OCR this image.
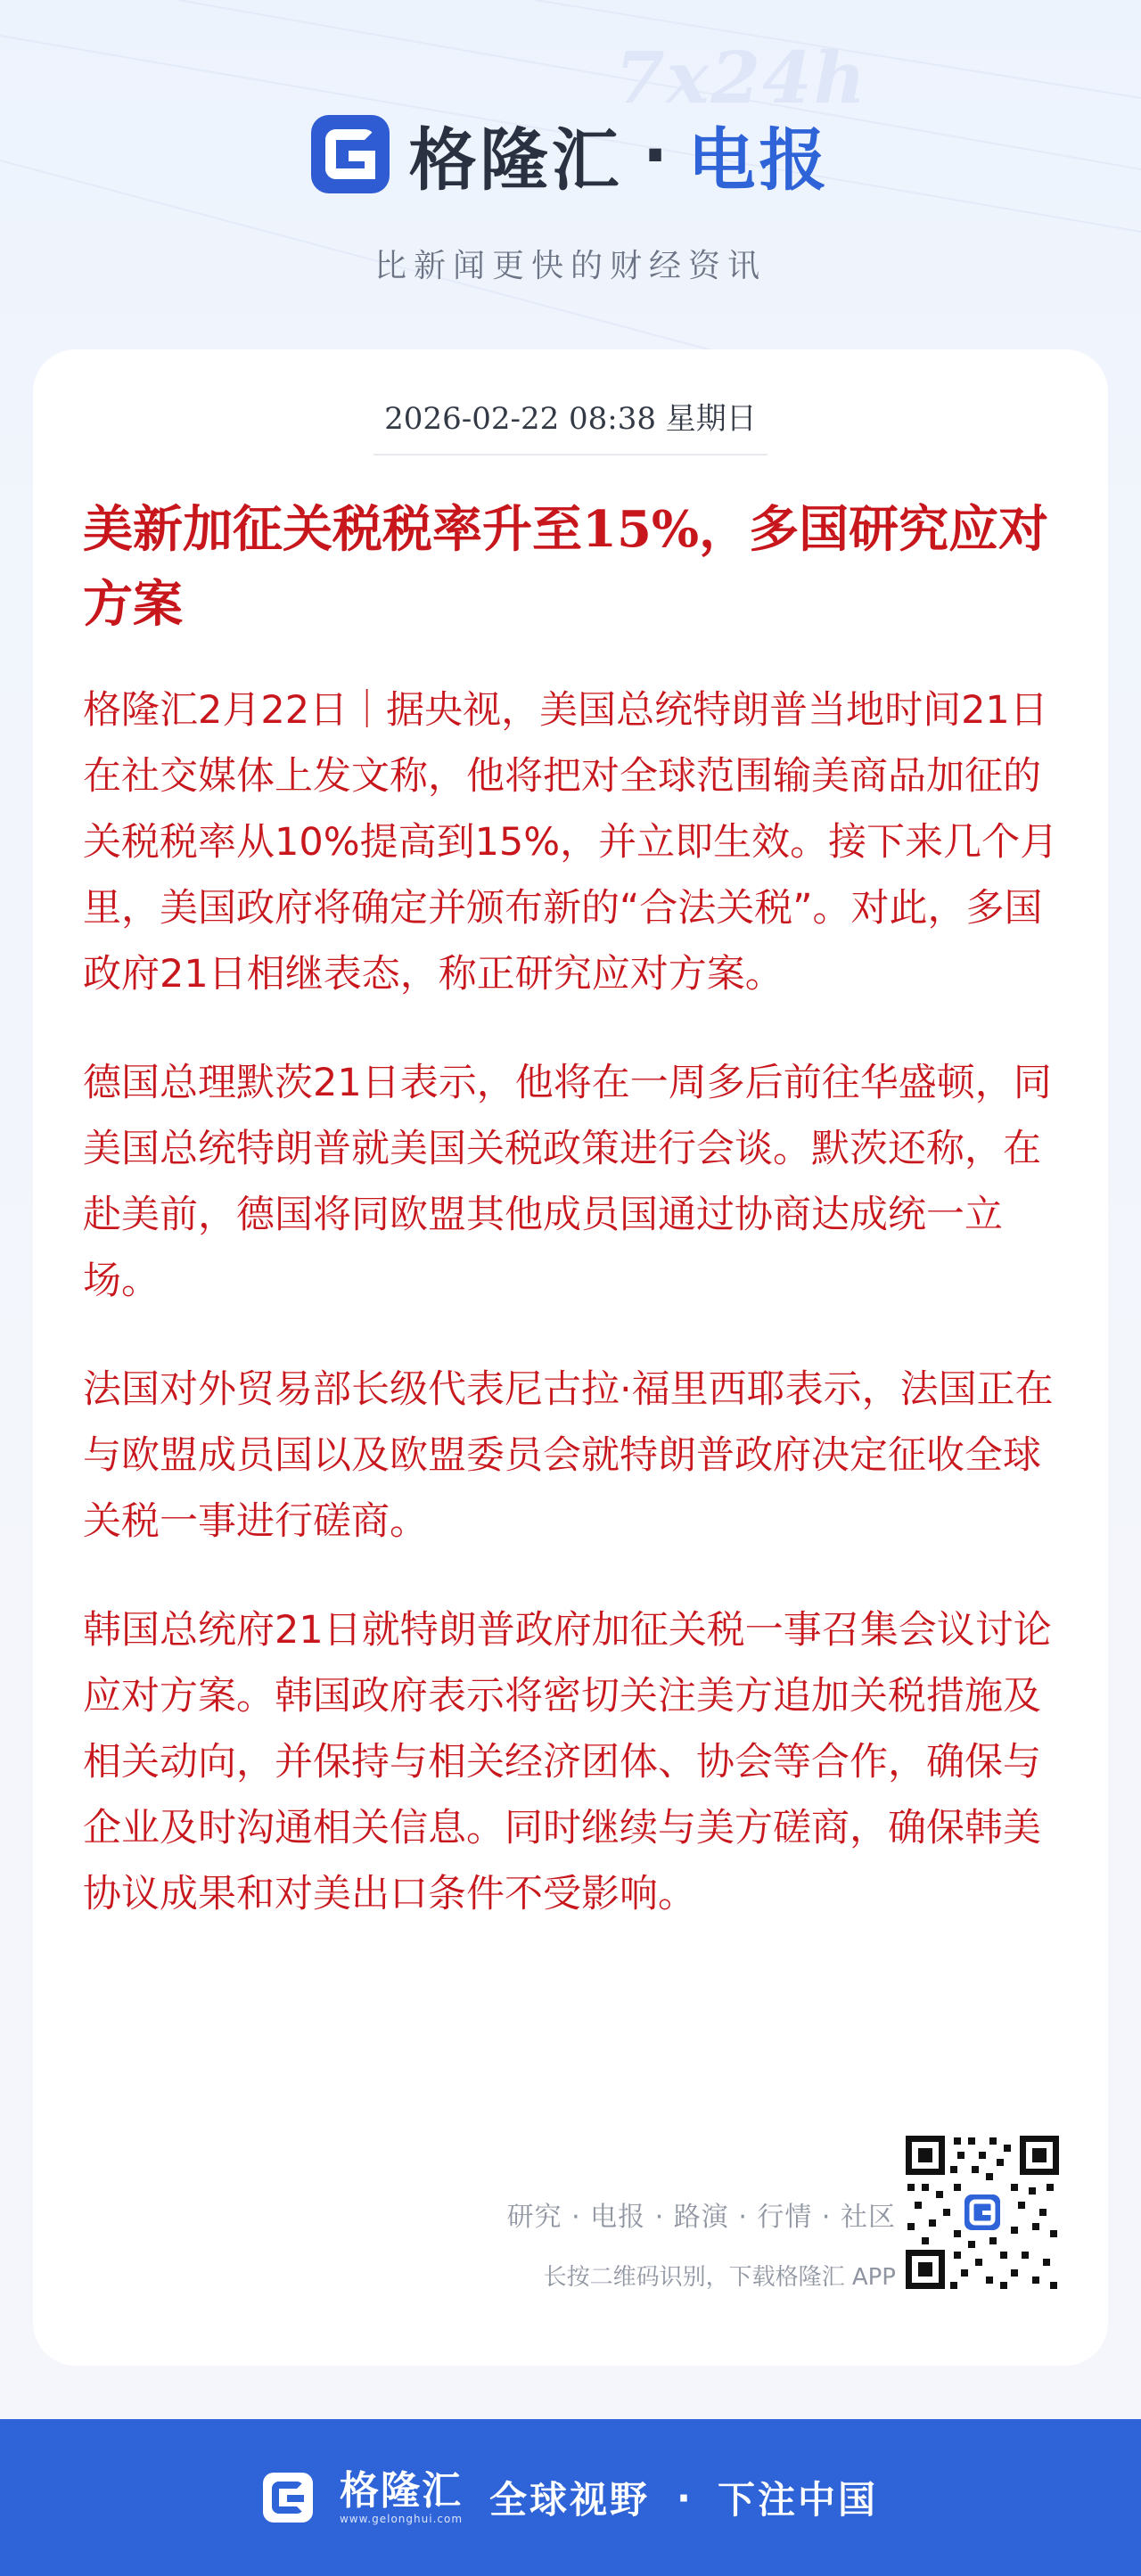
7x24h
格隆汇 · 电报
比新闻更快的财经资讯
2026-02-22 08:38 星期日
美新加征关税税率升至15%，多国研究应对方案

格隆汇2月22日｜据央视，美国总统特朗普当地时间21日在社交媒体上发文称，他将把对全球范围输美商品加征的关税税率从10%提高到15%，并立即生效。接下来几个月里，美国政府将确定并颁布新的“合法关税”。对此，多国政府21日相继表态，称正研究应对方案。

德国总理默茨21日表示，他将在一周多后前往华盛顿，同美国总统特朗普就美国关税政策进行会谈。默茨还称，在赴美前，德国将同欧盟其他成员国通过协商达成统一立场。

法国对外贸易部长级代表尼古拉·福里西耶表示，法国正在与欧盟成员国以及欧盟委员会就特朗普政府决定征收全球关税一事进行磋商。

韩国总统府21日就特朗普政府加征关税一事召集会议讨论应对方案。韩国政府表示将密切关注美方追加关税措施及相关动向，并保持与相关经济团体、协会等合作，确保与企业及时沟通相关信息。同时继续与美方磋商，确保韩美协议成果和对美出口条件不受影响。

研究 · 电报 · 路演 · 行情 · 社区
长按二维码识别，下载格隆汇 APP
格隆汇
www.gelonghui.com 全球视野 · 下注中国
